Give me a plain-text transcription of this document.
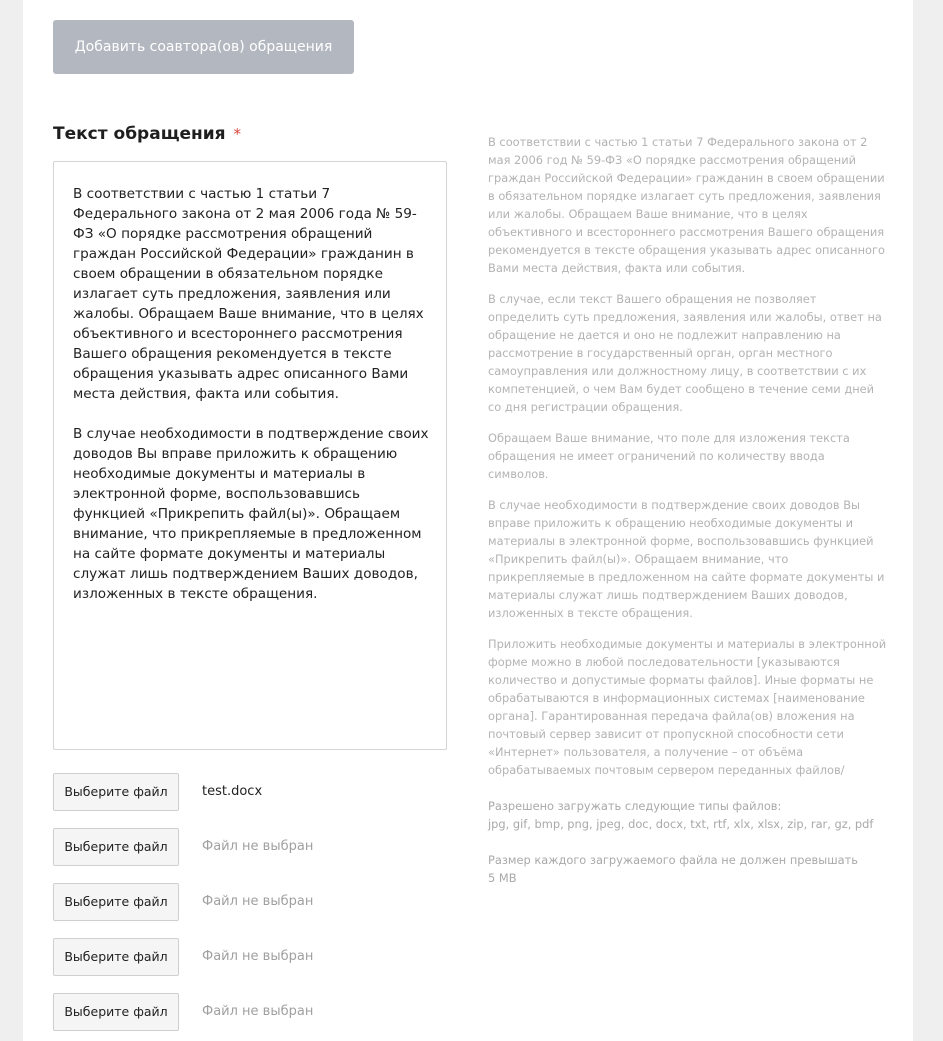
Добавить соавтора(ов) обращения
Текст обращения *

В соответствии с частью 1 статьи 7 Федерального закона от 2 мая 2006 года № 59-ФЗ «О порядке рассмотрения обращений граждан Российской Федерации» гражданин в своем обращении в обязательном порядке излагает суть предложения, заявления или жалобы. Обращаем Ваше внимание, что в целях объективного и всестороннего рассмотрения Вашего обращения рекомендуется в тексте обращения указывать адрес описанного Вами места действия, факта или события.

В случае необходимости в подтверждение своих доводов Вы вправе приложить к обращению необходимые документы и материалы в электронной форме, воспользовавшись функцией «Прикрепить файл(ы)». Обращаем внимание, что прикрепляемые в предложенном на сайте формате документы и материалы служат лишь подтверждением Ваших доводов, изложенных в тексте обращения.

Выберите файл	test.docx
Выберите файл	Файл не выбран
Выберите файл	Файл не выбран
Выберите файл	Файл не выбран
Выберите файл	Файл не выбран

В соответствии с частью 1 статьи 7 Федерального закона от 2 мая 2006 год № 59-ФЗ «О порядке рассмотрения обращений граждан Российской Федерации» гражданин в своем обращении в обязательном порядке излагает суть предложения, заявления или жалобы. Обращаем Ваше внимание, что в целях объективного и всестороннего рассмотрения Вашего обращения рекомендуется в тексте обращения указывать адрес описанного Вами места действия, факта или события.

В случае, если текст Вашего обращения не позволяет определить суть предложения, заявления или жалобы, ответ на обращение не дается и оно не подлежит направлению на рассмотрение в государственный орган, орган местного самоуправления или должностному лицу, в соответствии с их компетенцией, о чем Вам будет сообщено в течение семи дней со дня регистрации обращения.

Обращаем Ваше внимание, что поле для изложения текста обращения не имеет ограничений по количеству ввода символов.

В случае необходимости в подтверждение своих доводов Вы вправе приложить к обращению необходимые документы и материалы в электронной форме, воспользовавшись функцией «Прикрепить файл(ы)». Обращаем внимание, что прикрепляемые в предложенном на сайте формате документы и материалы служат лишь подтверждением Ваших доводов, изложенных в тексте обращения.

Приложить необходимые документы и материалы в электронной форме можно в любой последовательности [указываются количество и допустимые форматы файлов]. Иные форматы не обрабатываются в информационных системах [наименование органа]. Гарантированная передача файла(ов) вложения на почтовый сервер зависит от пропускной способности сети «Интернет» пользователя, а получение – от объёма обрабатываемых почтовым сервером переданных файлов/

Разрешено загружать следующие типы файлов:
jpg, gif, bmp, png, jpeg, doc, docx, txt, rtf, xlx, xlsx, zip, rar, gz, pdf

Размер каждого загружаемого файла не должен превышать
5 MB
